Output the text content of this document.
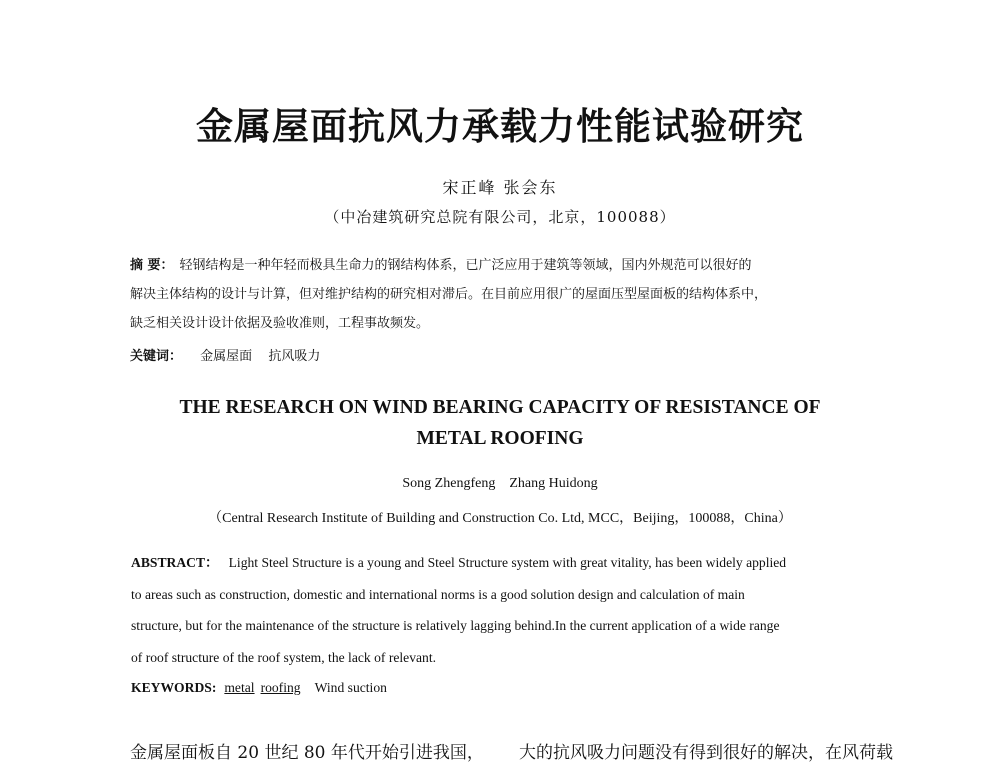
金属屋面抗风力承载力性能试验研究
宋正峰 张会东
（中冶建筑研究总院有限公司，北京，100088）
摘 要： 轻钢结构是一种年轻而极具生命力的钢结构体系，已广泛应用于建筑等领域，国内外规范可以很好的
解决主体结构的设计与计算，但对维护结构的研究相对滞后。在目前应用很广的屋面压型屋面板的结构体系中，
缺乏相关设计设计依据及验收准则，工程事故频发。
关键词： 金属屋面 抗风吸力
THE RESEARCH ON WIND BEARING CAPACITY OF RESISTANCE OF
METAL ROOFING
Song Zhengfeng Zhang Huidong
（Central Research Institute of Building and Construction Co. Ltd, MCC，Beijing，100088，China）
ABSTRACT： Light Steel Structure is a young and Steel Structure system with great vitality, has been widely applied
to areas such as construction, domestic and international norms is a good solution design and calculation of main
structure, but for the maintenance of the structure is relatively lagging behind.In the current application of a wide range
of roof structure of the roof system, the lack of relevant.
KEYWORDS: metal roofing Wind suction
金属屋面板自 20 世纪 80 年代开始引进我国， 大的抗风吸力问题没有得到很好的解决，在风荷载
